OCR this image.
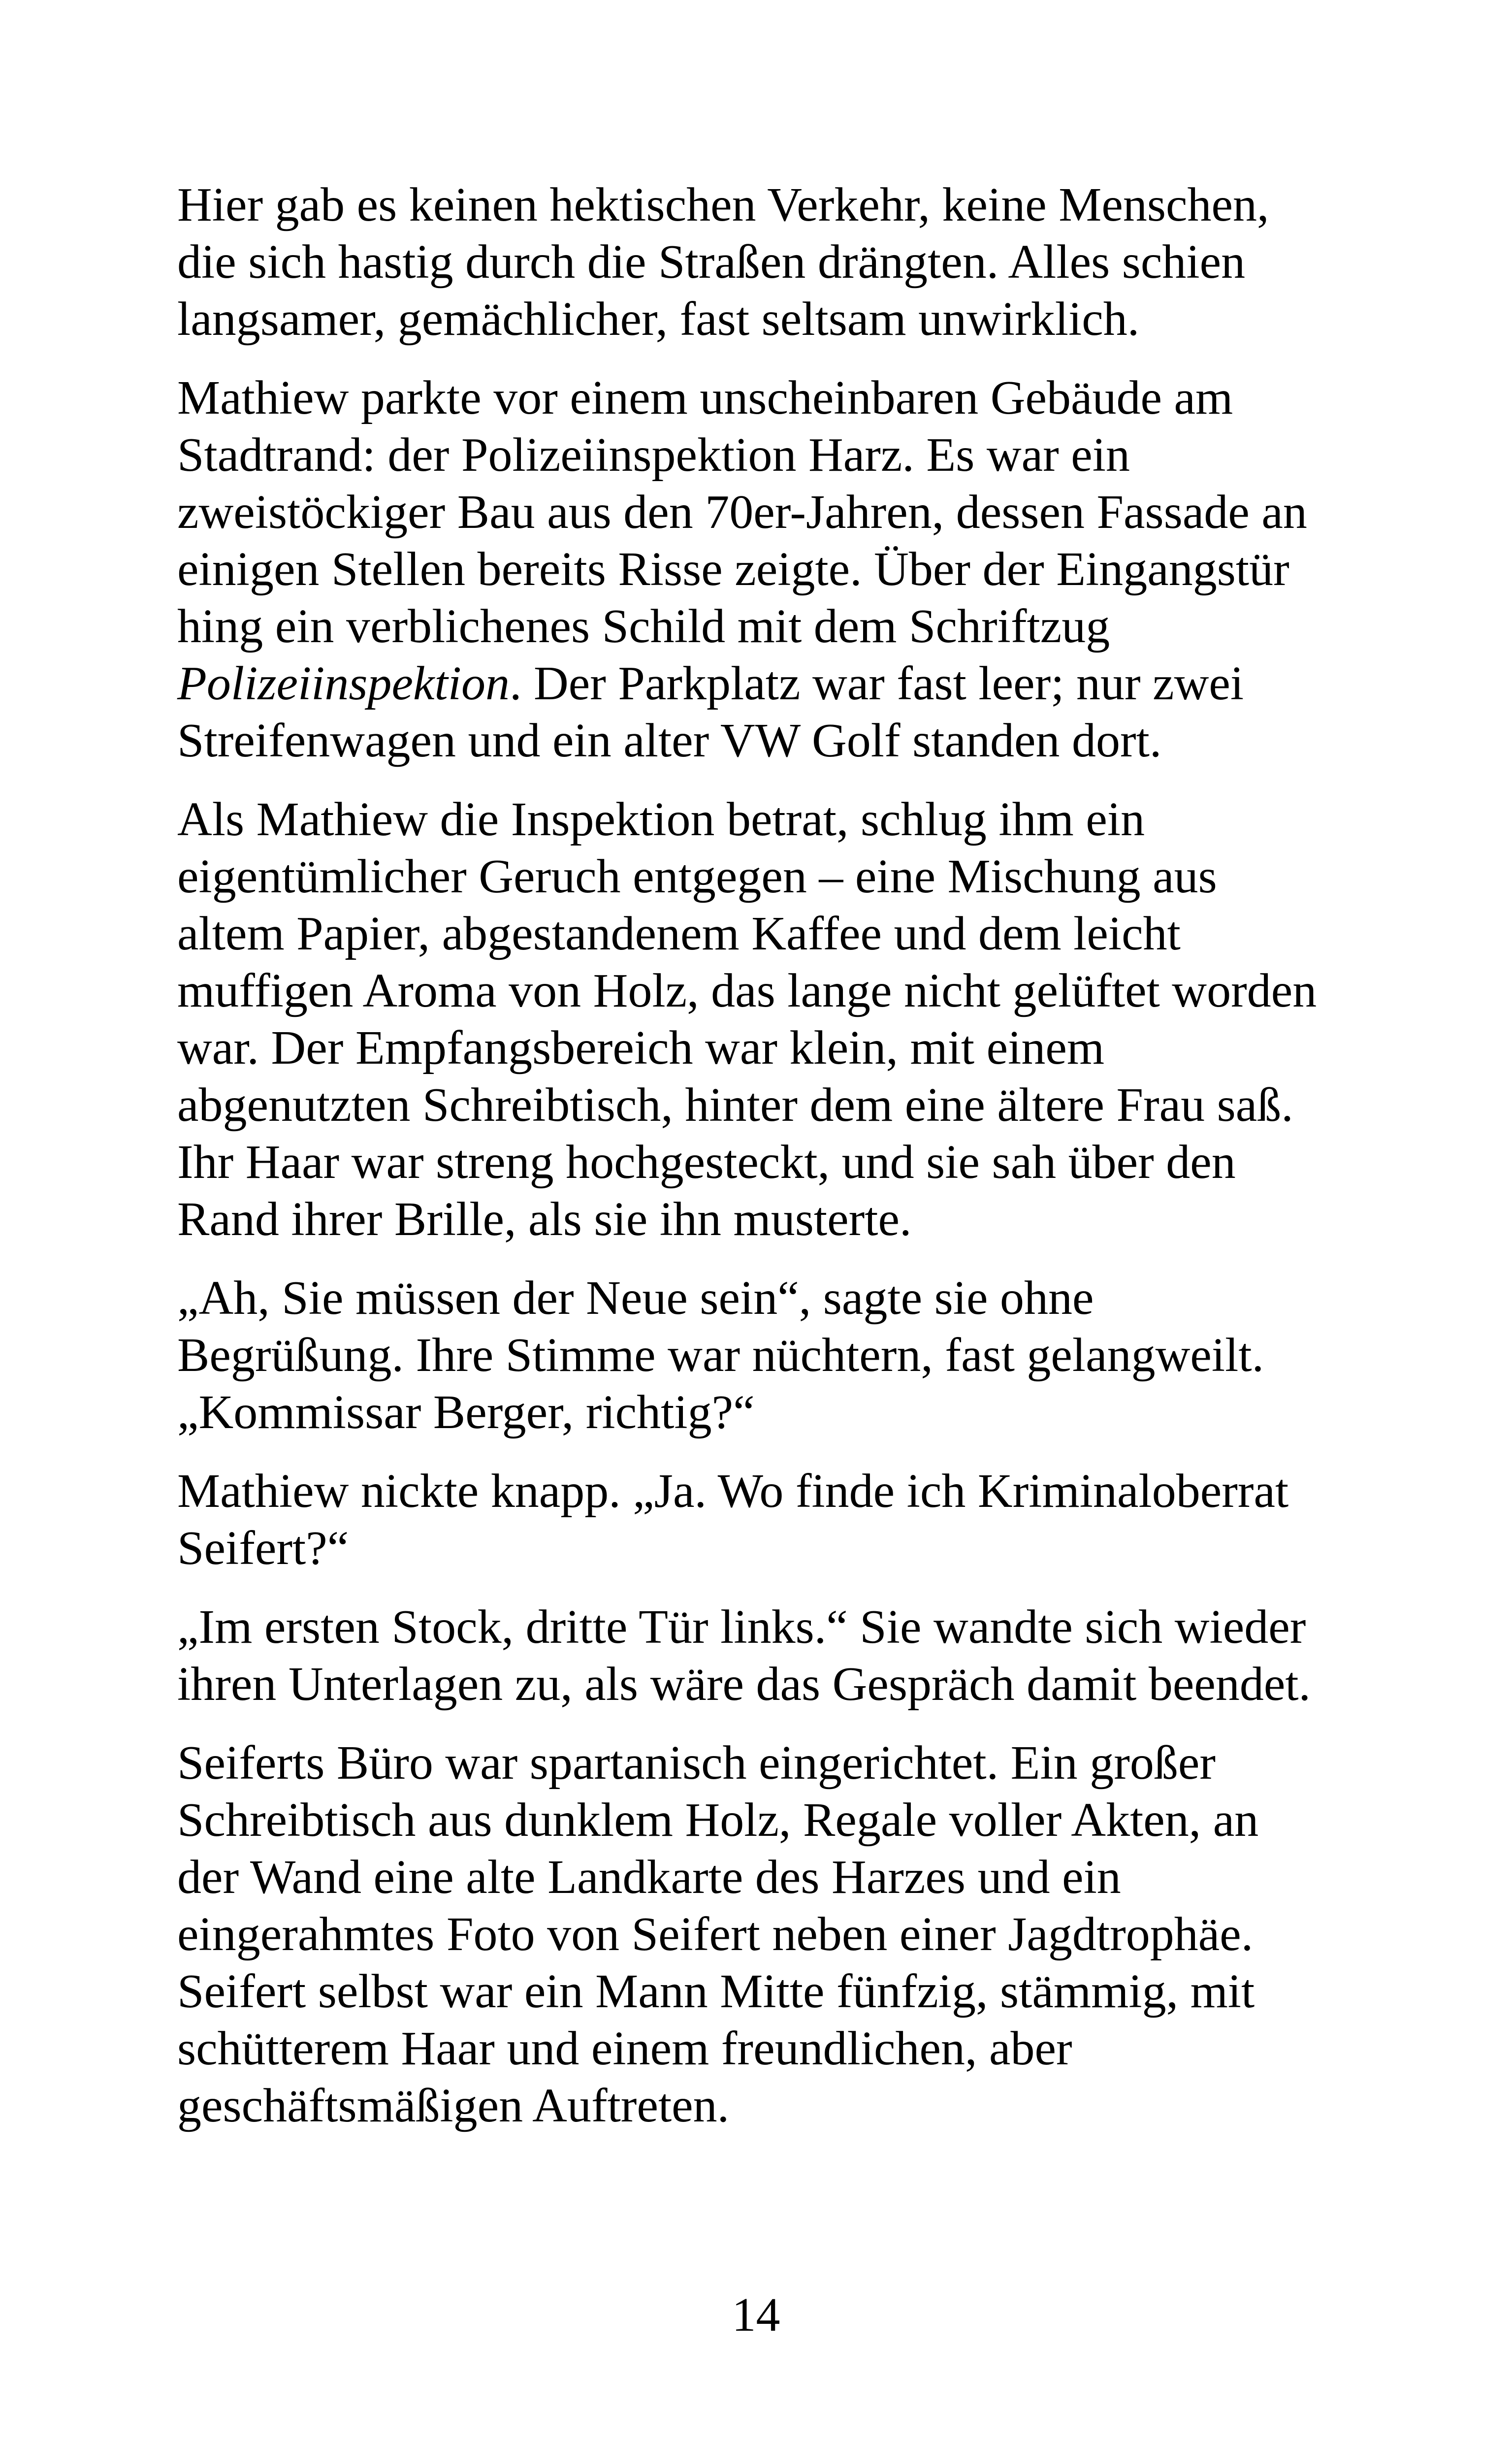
Hier gab es keinen hektischen Verkehr, keine Menschen,
die sich hastig durch die Straßen drängten. Alles schien
langsamer, gemächlicher, fast seltsam unwirklich.

Mathiew parkte vor einem unscheinbaren Gebäude am
Stadtrand: der Polizeiinspektion Harz. Es war ein
zweistöckiger Bau aus den 70er-Jahren, dessen Fassade an
einigen Stellen bereits Risse zeigte. Über der Eingangstür
hing ein verblichenes Schild mit dem Schriftzug
Polizeiinspektion. Der Parkplatz war fast leer; nur zwei
Streifenwagen und ein alter VW Golf standen dort.

Als Mathiew die Inspektion betrat, schlug ihm ein
eigentümlicher Geruch entgegen – eine Mischung aus
altem Papier, abgestandenem Kaffee und dem leicht
muffigen Aroma von Holz, das lange nicht gelüftet worden
war. Der Empfangsbereich war klein, mit einem
abgenutzten Schreibtisch, hinter dem eine ältere Frau saß.
Ihr Haar war streng hochgesteckt, und sie sah über den
Rand ihrer Brille, als sie ihn musterte.

„Ah, Sie müssen der Neue sein“, sagte sie ohne
Begrüßung. Ihre Stimme war nüchtern, fast gelangweilt.
„Kommissar Berger, richtig?“

Mathiew nickte knapp. „Ja. Wo finde ich Kriminaloberrat
Seifert?“

„Im ersten Stock, dritte Tür links.“ Sie wandte sich wieder
ihren Unterlagen zu, als wäre das Gespräch damit beendet.

Seiferts Büro war spartanisch eingerichtet. Ein großer
Schreibtisch aus dunklem Holz, Regale voller Akten, an
der Wand eine alte Landkarte des Harzes und ein
eingerahmtes Foto von Seifert neben einer Jagdtrophäe.
Seifert selbst war ein Mann Mitte fünfzig, stämmig, mit
schütterem Haar und einem freundlichen, aber
geschäftsmäßigen Auftreten.

14
